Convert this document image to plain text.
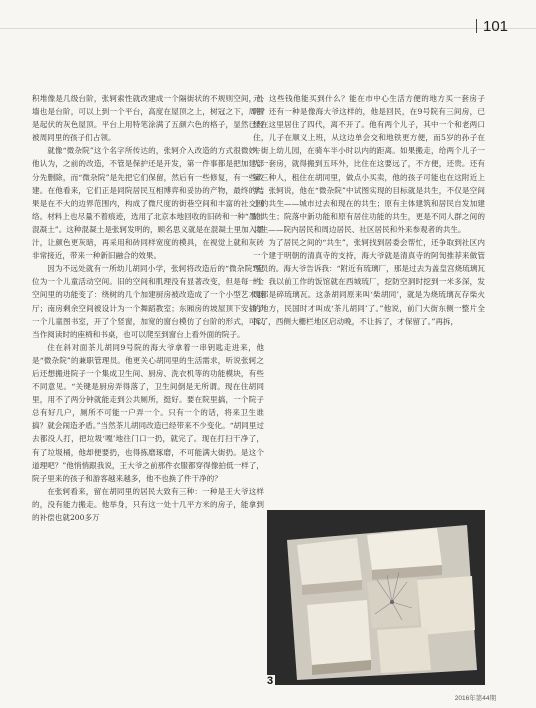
101

积堆像是几级台阶，张轲索性就改建成一个隔街状的不规则空间，外墙也是台阶，可以上到一个平台，高度在屋顶之上，树冠之下，周围是起伏的灰色屋顶。平台上用特笔涂满了五颜六色的格子，显然已经被周同里的孩子们占领。

就像“微杂院”这个名字所传达的，张轲介入改造的方式很微妙。他认为，之前的改造，不管是保护还是开发，第一件事都是把加建部分先删除，而“微杂院”是先把它们保留，然后有一些修复，有一些改建。在他看来，它们正是同院居民互相博弈和妥协的产物，最终的结果是在不大的边界范围内，构成了微尺度的街巷空间和丰富的社交网络。材料上也尽量不着痕迹，选用了北京本地回收的旧砖和一种“墨汁混凝土”。这种混凝土是张轲发明的，顾名思义就是在混凝土里加入墨汁，让颜色更灰暗，再采用和砖同样宽度的模具，在视觉上就和灰砖非常接近，带来一种新旧融合的效果。

因为不远处就有一所幼儿胡同小学，张轲将改造后的“微杂院”定位为一个儿童活动空间。旧的空间和肌理没有显著改变，但是每一个空间里的功能变了：绕树的几个加建厨房被改造成了一个小型艺术展厅；南房剩余空间被设计为一个舞蹈教室；东厢房的坡屋顶下安插了一个儿童图书室，开了个竖窗，加宽的窗台模仿了台阶的形式，可以当作阅读时的座椅和书桌，也可以爬至到窗台上看外面的院子。

住在斜对面茶儿胡同9号院的海大爷拿着一串钥匙走进来，他是“微杂院”的兼职管理员。他更关心胡同里的生活需求，听说张轲之后还想搬进院子一个集成卫生间、厨房、洗衣机等的功能模块，有些不同意见。“关键是厨房弄得落了，卫生间倒是无所谓。现在住胡同里，用不了两分钟就能走到公共厕所，挺好。要在院里搞，一个院子总有好几户，厕所不可能一户弄一个。只有一个的话，将来卫生谁搞？就会闹造矛盾。”当然茶儿胡同改造已经带来不少变化。“胡同里过去都没人打，把垃圾‘嘎’地往门口一扔，就完了。现在打扫干净了，有了垃圾桶，他却便要扔，也得拣磨琢磨，不可能满大街扔。是这个道理吧？”他悄悄跟我说，王大爷之前那件衣服都穿得像拍低一样了，院子里来的孩子和游客越来越多，他不也换了件干净的？

在张轲看来，留在胡同里的居民大致有三种：一种是王大爷这样的，没有能力搬走。他举身，只有这一处十几平方米的房子，能拿到的补偿也就200多万

元，这些钱他能买到什么？能在市中心生活方便的地方买一套房子吗？还有一种是像海大爷这样的，他是回民，在9号院有三间房，已经在这里居住了四代，离不开了。他有两个儿子，其中一个和老两口住，儿子在顺义上班，从这边单会交和地铁更方便，而5岁的孙子在牛街上幼儿园，在骑车半小时以内的距离。如果搬走，给两个儿子一人一套房，就得搬到五环外，比住在这要远了，不方便，还贵。还有第三种人，租住在胡同里，做点小买卖，他的孩子可能也在这附近上学。张轲说，他在“微杂院”中试图实现的目标就是共生，不仅是空间上的共生——城市过去和现在的共生；原有主体建筑和居民自发加建的共生；院落中新功能和原有居住功能的共生，更是不同人群之间的共生——院内居民和周边居民、社区居民和外来参观者的共生。

为了居民之间的“共生”，张轲找到居委会帮忙，还争取到社区内一个建于明朝的清真寺的支持，海大爷就是清真寺的阿訇推荐来做管理员的。海大爷告诉我：“附近有琉璃厂，那是过去为盖皇宫烧琉璃瓦的。我以前工作的饭馆就在西城琉厂，挖防空洞时挖到一米多深，发现都是碎琉璃瓦。这条胡同原来叫‘柴胡同’，就是为烧琉璃瓦存柴火的地方，民国时才叫成‘茶儿胡同’了。”他说，前门大街东侧一整片全拆了，西侧大栅栏地区启动晚，不让拆了，才保留了。”再拆，

3
2016年第44期
